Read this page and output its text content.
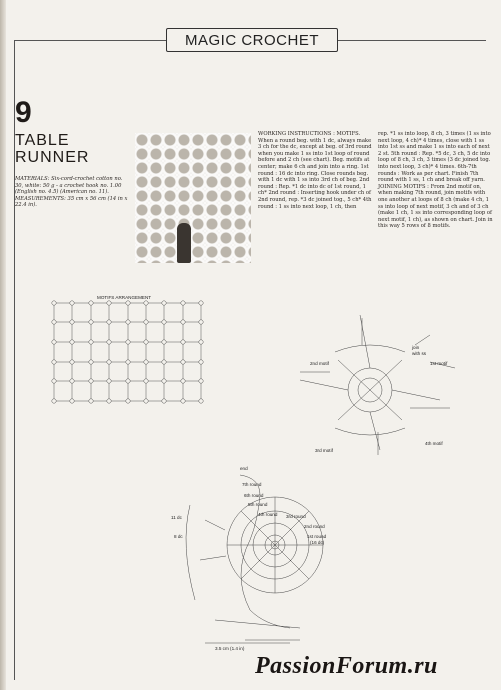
MAGIC CROCHET
9
TABLE
RUNNER
MATERIALS: Six-cord-crochet cotton no. 30, white: 50 g - a crochet hook no. 1.00 (English no. 4.5) (American no. 11).
MEASUREMENTS: 35 cm x 56 cm (14 in x 22.4 in).

WORKING INSTRUCTIONS : MOTIFS. When a round beg. with 1 dc, always make 3 ch for the dc, except at beg. of 3rd round when you make 1 ss into 1st loop of round before and 2 ch (see chart). Beg. motifs at center; make 6 ch and join into a ring. 1st round : 16 dc into ring. Close rounds beg. with 1 dc with 1 ss into 3rd ch of beg. 2nd round : Rep. *1 dc into dc of 1st round, 1 ch* 2nd round : Inserting hook under ch of 2nd round, rep. *3 dc joined tog., 5 ch* 4th round : 1 ss into next loop, 1 ch, then

rep. *1 ss into loop, 8 ch, 3 times (1 ss into next loop, 4 ch)* 4 times, close with 1 ss into 1st ss and make 1 ss into each of next 2 st. 5th round : Rep. *5 dc, 3 ch, 5 dc into loop of 8 ch, 3 ch, 3 times (3 dc joined tog. into next loop, 3 ch)* 4 times. 6th-7th rounds : Work as per chart. Finish 7th round with 1 ss, 1 ch and break off yarn. JOINING MOTIFS : From 2nd motif on, when making 7th round, join motifs with one another at loops of 8 ch (make 4 ch, 1 ss into loop of next motif, 3 ch and of 3 ch (make 1 ch, 1 ss into corresponding loop of next motif, 1 ch), as shown on chart. Join in this way 5 rows of 8 motifs.

MOTIFS ARRANGEMENT
join
with ss
2nd motif	1st motif
3rd motif
4th motif
end
7th round
6th round
5th round
4th round 3rd round
2nd round
1st round
(16 dc)
11 dc
8 dc
3.5 cm (1.4 in)
PassionForum.ru
